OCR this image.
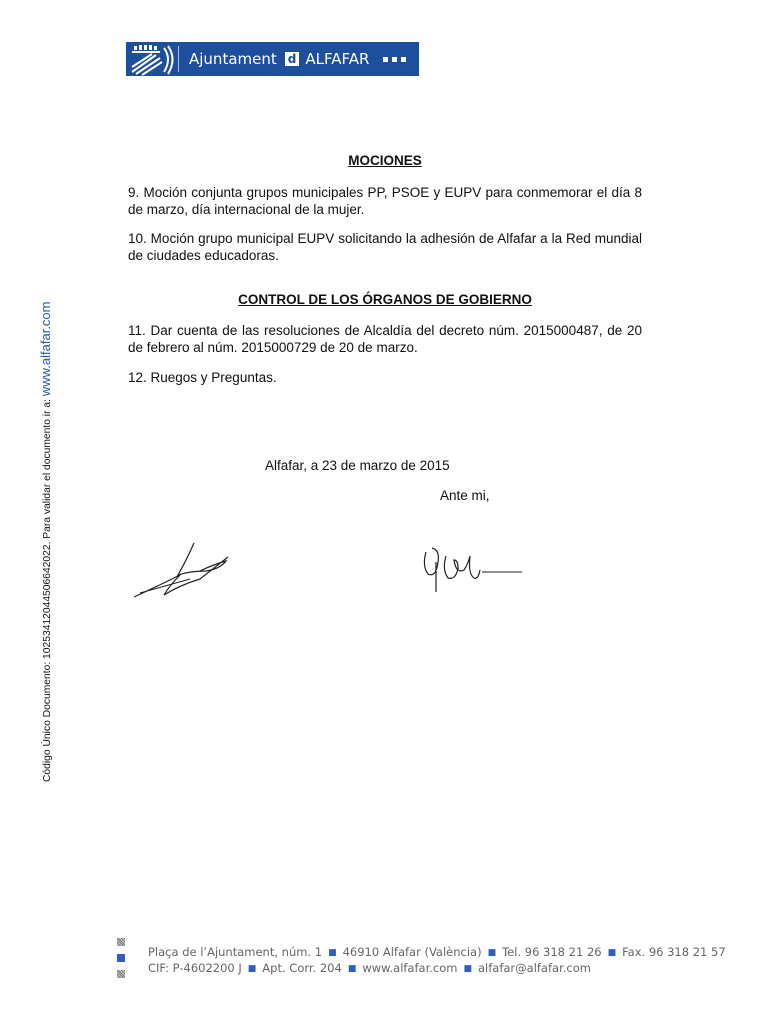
Ajuntament d ALFAFAR
Código Único Documento: 10253412044506642022. Para validar el documento ir a: www.alfafar.com
MOCIONES
9. Moción conjunta grupos municipales PP, PSOE y EUPV para conmemorar el día 8 de marzo, día internacional de la mujer.
10. Moción grupo municipal EUPV solicitando la adhesión de Alfafar a la Red mundial de ciudades educadoras.
CONTROL DE LOS ÓRGANOS DE GOBIERNO
11. Dar cuenta de las resoluciones de Alcaldía del decreto núm. 2015000487, de 20 de febrero al núm. 2015000729 de 20 de marzo.
12. Ruegos y Preguntas.
Alfafar, a 23 de marzo de 2015
Ante mi,
Plaça de l’Ajuntament, núm. 1 ■ 46910 Alfafar (València) ■ Tel. 96 318 21 26 ■ Fax. 96 318 21 57
CIF: P-4602200 J ■ Apt. Corr. 204 ■ www.alfafar.com ■ alfafar@alfafar.com
